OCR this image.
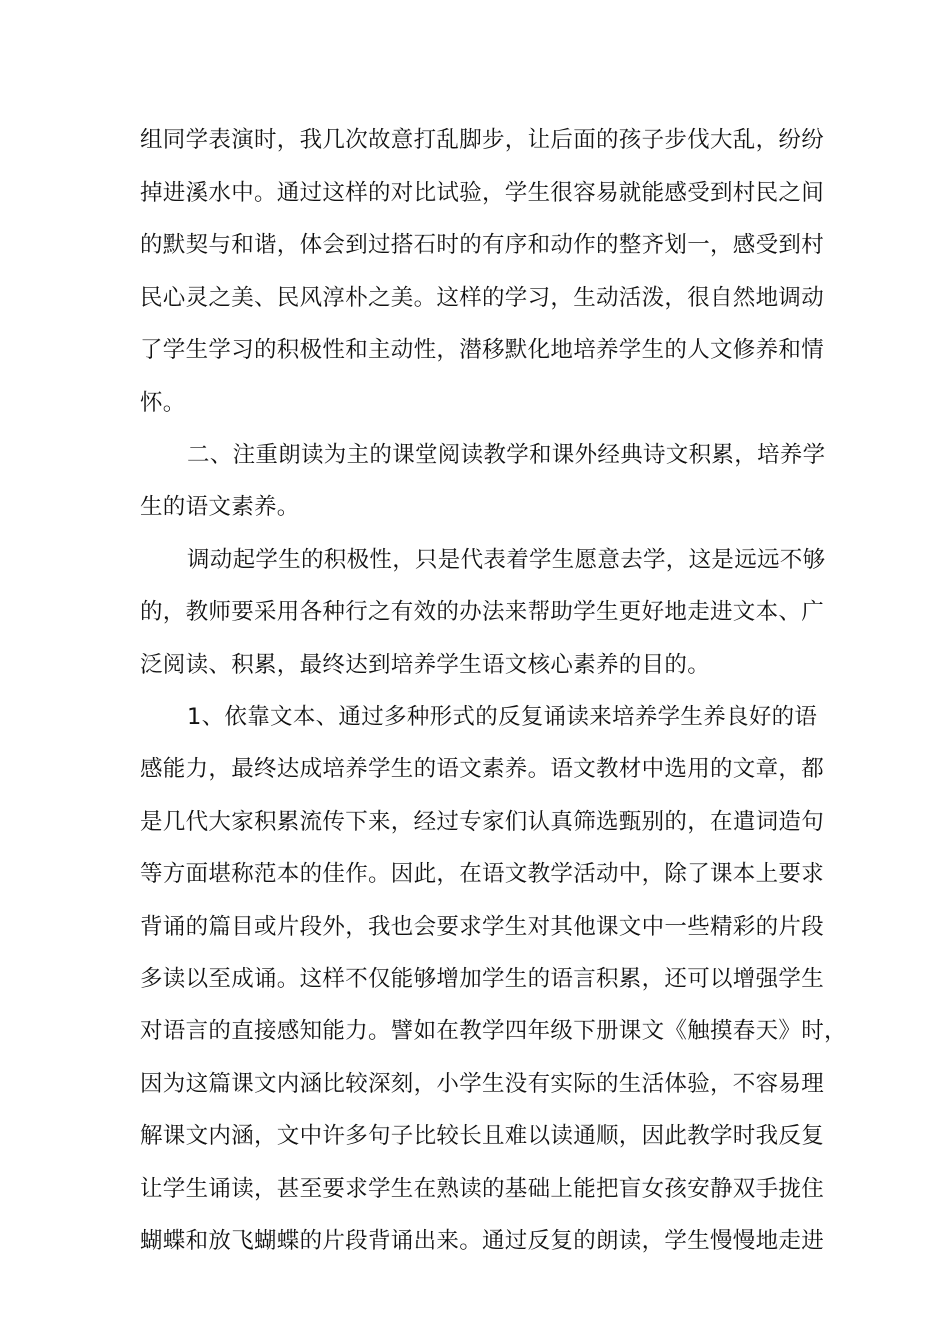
组同学表演时，我几次故意打乱脚步，让后面的孩子步伐大乱，纷纷
掉进溪水中。通过这样的对比试验，学生很容易就能感受到村民之间
的默契与和谐，体会到过搭石时的有序和动作的整齐划一，感受到村
民心灵之美、民风淳朴之美。这样的学习，生动活泼，很自然地调动
了学生学习的积极性和主动性，潜移默化地培养学生的人文修养和情
怀。
二、注重朗读为主的课堂阅读教学和课外经典诗文积累，培养学
生的语文素养。
调动起学生的积极性，只是代表着学生愿意去学，这是远远不够
的，教师要采用各种行之有效的办法来帮助学生更好地走进文本、广
泛阅读、积累，最终达到培养学生语文核心素养的目的。
1、依靠文本、通过多种形式的反复诵读来培养学生养良好的语
感能力，最终达成培养学生的语文素养。语文教材中选用的文章，都
是几代大家积累流传下来，经过专家们认真筛选甄别的，在遣词造句
等方面堪称范本的佳作。因此，在语文教学活动中，除了课本上要求
背诵的篇目或片段外，我也会要求学生对其他课文中一些精彩的片段
多读以至成诵。这样不仅能够增加学生的语言积累，还可以增强学生
对语言的直接感知能力。譬如在教学四年级下册课文《触摸春天》时，
因为这篇课文内涵比较深刻，小学生没有实际的生活体验，不容易理
解课文内涵，文中许多句子比较长且难以读通顺，因此教学时我反复
让学生诵读，甚至要求学生在熟读的基础上能把盲女孩安静双手拢住
蝴蝶和放飞蝴蝶的片段背诵出来。通过反复的朗读，学生慢慢地走进
